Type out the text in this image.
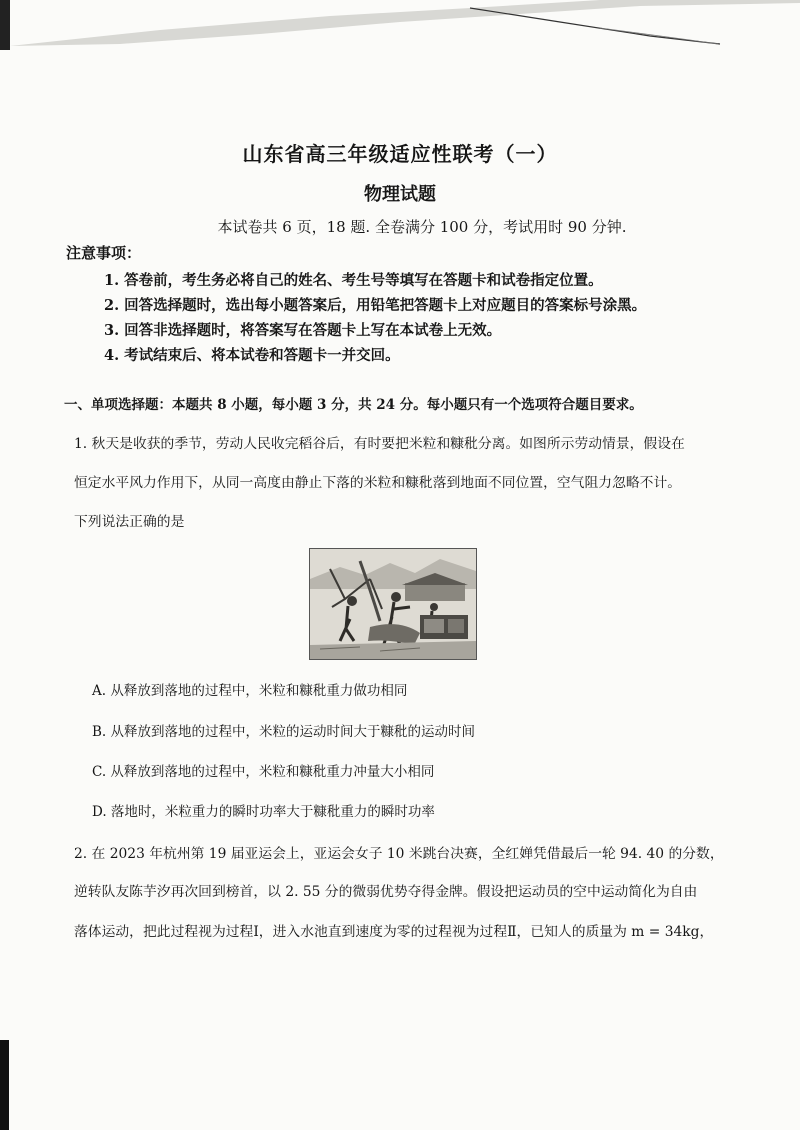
山东省高三年级适应性联考（一）
物理试题
本试卷共 6 页，18 题. 全卷满分 100 分，考试用时 90 分钟.
注意事项：
1. 答卷前，考生务必将自己的姓名、考生号等填写在答题卡和试卷指定位置。
2. 回答选择题时，选出每小题答案后，用铅笔把答题卡上对应题目的答案标号涂黑。
3. 回答非选择题时，将答案写在答题卡上写在本试卷上无效。
4. 考试结束后、将本试卷和答题卡一并交回。
一、单项选择题：本题共 8 小题，每小题 3 分，共 24 分。每小题只有一个选项符合题目要求。
1. 秋天是收获的季节，劳动人民收完稻谷后，有时要把米粒和糠秕分离。如图所示劳动情景，假设在
恒定水平风力作用下，从同一高度由静止下落的米粒和糠秕落到地面不同位置，空气阻力忽略不计。
下列说法正确的是
A. 从释放到落地的过程中，米粒和糠秕重力做功相同
B. 从释放到落地的过程中，米粒的运动时间大于糠秕的运动时间
C. 从释放到落地的过程中，米粒和糠秕重力冲量大小相同
D. 落地时，米粒重力的瞬时功率大于糠秕重力的瞬时功率
2. 在 2023 年杭州第 19 届亚运会上，亚运会女子 10 米跳台决赛，全红婵凭借最后一轮 94. 40 的分数，
逆转队友陈芋汐再次回到榜首，以 2. 55 分的微弱优势夺得金牌。假设把运动员的空中运动简化为自由
落体运动，把此过程视为过程Ⅰ，进入水池直到速度为零的过程视为过程Ⅱ，已知人的质量为 m = 34kg，
